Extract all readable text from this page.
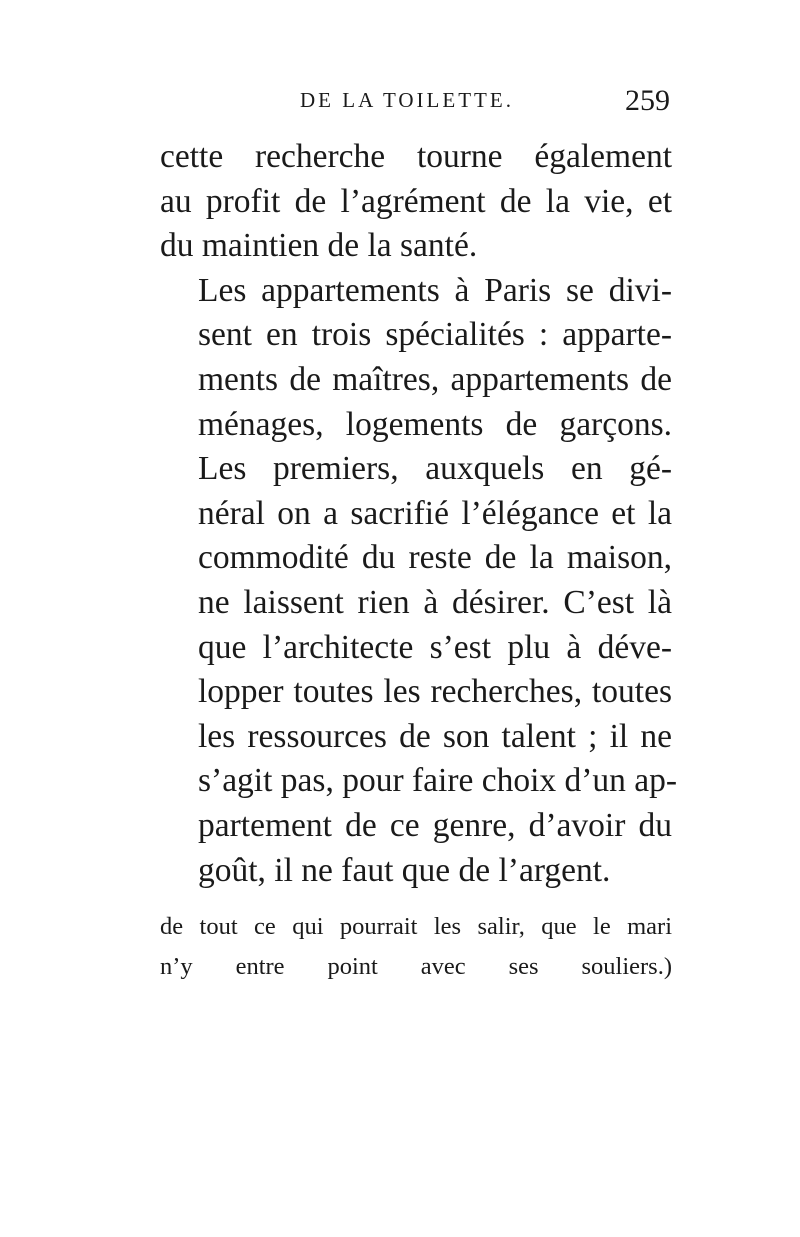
DE LA TOILETTE.	259

cette recherche tourne également
au profit de l’agrément de la vie, et
du maintien de la santé.

Les appartements à Paris se divi-
sent en trois spécialités : apparte-
ments de maîtres, appartements de
ménages, logements de garçons.

Les premiers, auxquels en gé-
néral on a sacrifié l’élégance et la
commodité du reste de la maison,
ne laissent rien à désirer. C’est là
que l’architecte s’est plu à déve-
lopper toutes les recherches, toutes
les ressources de son talent ; il ne
s’agit pas, pour faire choix d’un ap-
partement de ce genre, d’avoir du
goût, il ne faut que de l’argent.

de tout ce qui pourrait les salir, que le mari
n’y entre point avec ses souliers.)
